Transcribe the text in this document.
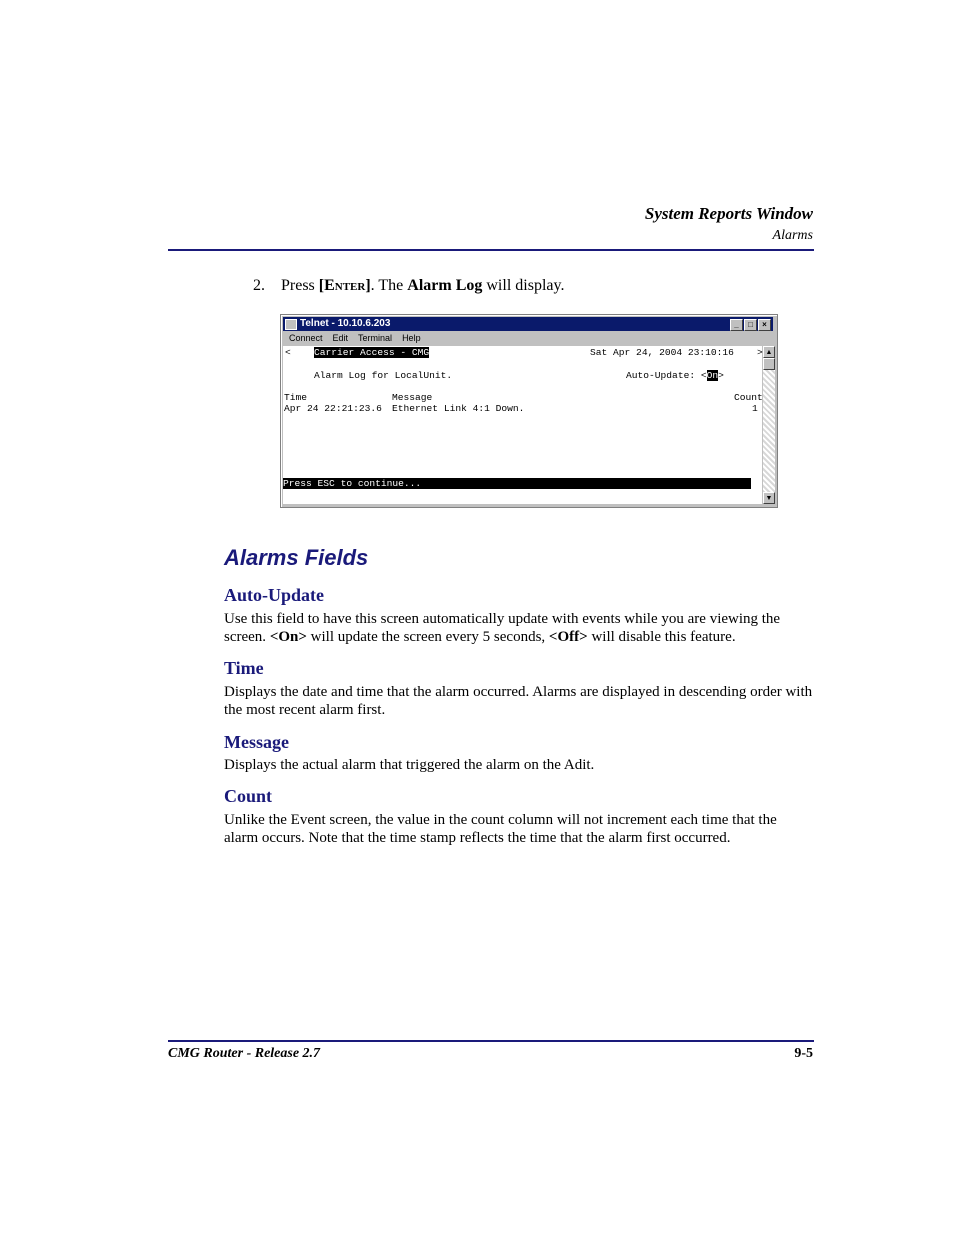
System Reports Window
Alarms
2. Press [Enter]. The Alarm Log will display.
Telnet - 10.10.6.203	_ □ ×
Connect Edit Terminal Help
< Carrier Access - CMG	Sat Apr 24, 2004 23:10:16 >
Alarm Log for LocalUnit.	Auto-Update: <On>
Time	Message	Count
Apr 24 22:21:23.6 Ethernet Link 4:1 Down.	1
Press ESC to continue...
▲
▼
Alarms Fields
Auto-Update

Use this field to have this screen automatically update with events while you are viewing the screen. <On> will update the screen every 5 seconds, <Off> will disable this feature.

Time

Displays the date and time that the alarm occurred. Alarms are displayed in descending order with the most recent alarm first.

Message

Displays the actual alarm that triggered the alarm on the Adit.

Count

Unlike the Event screen, the value in the count column will not increment each time that the alarm occurs. Note that the time stamp reflects the time that the alarm first occurred.

CMG Router - Release 2.7	9-5
